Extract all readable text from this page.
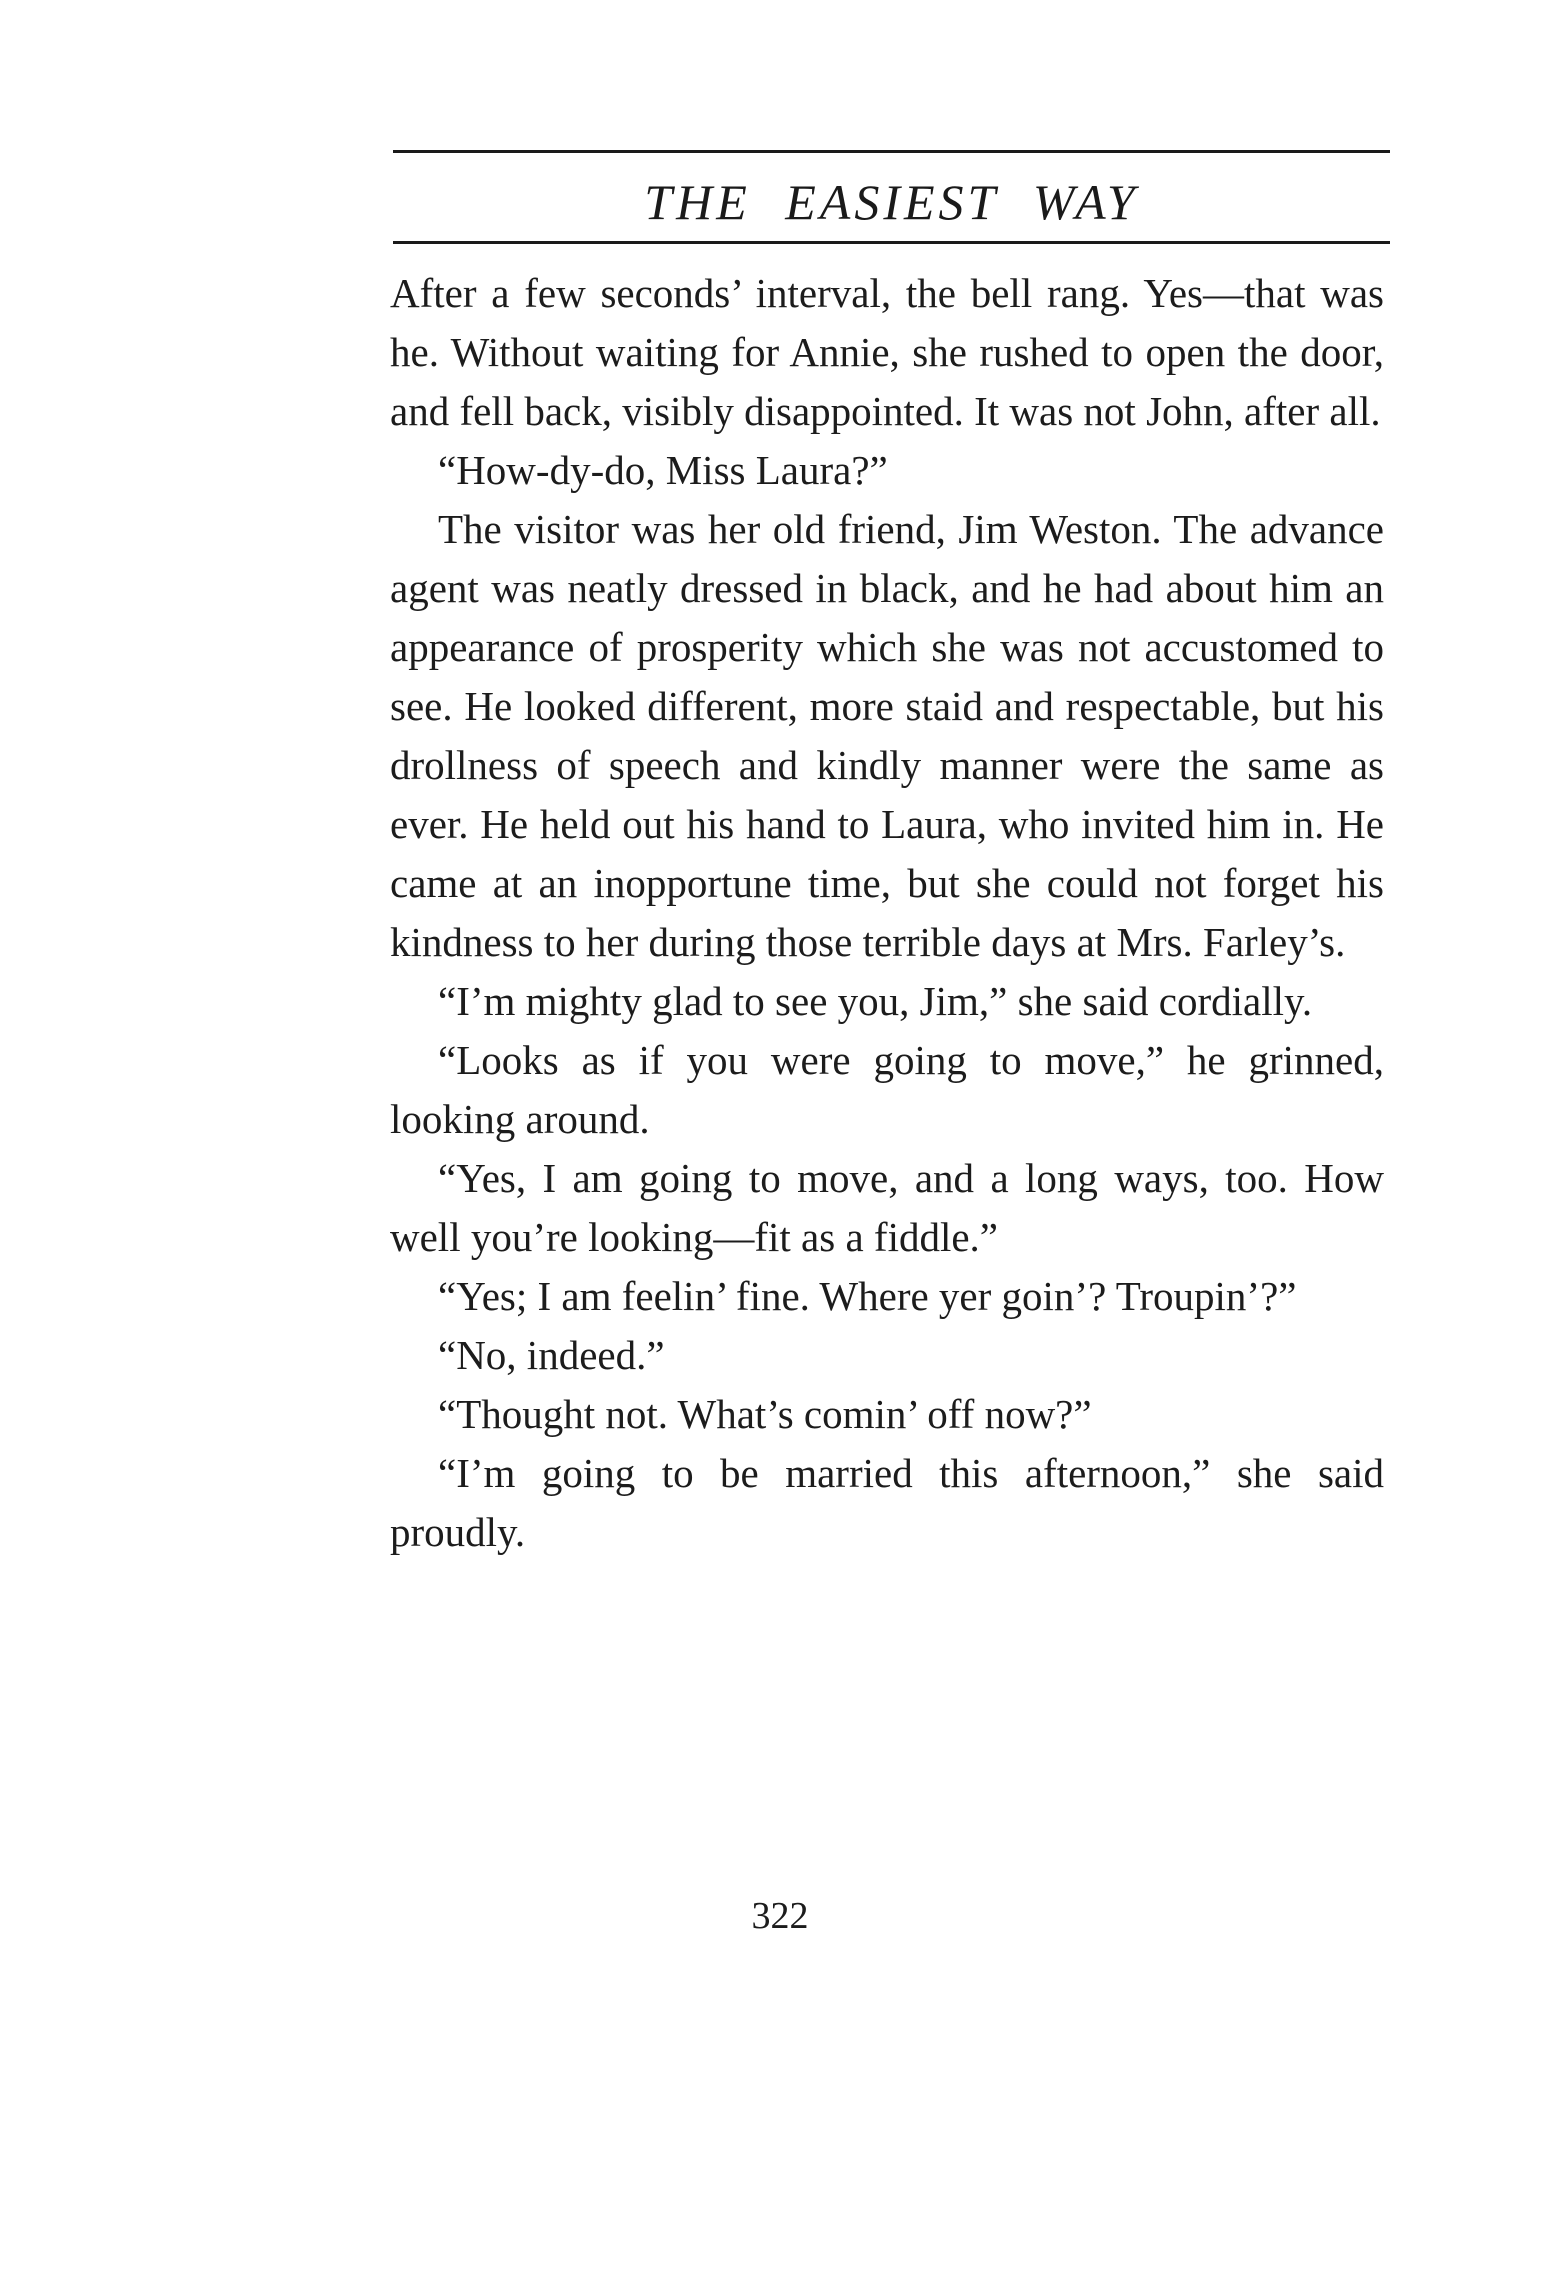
THE EASIEST WAY

After a few seconds’ interval, the bell rang. Yes—that was he. Without waiting for Annie, she rushed to open the door, and fell back, visibly disappointed. It was not John, after all.

“How-dy-do, Miss Laura?”

The visitor was her old friend, Jim Weston. The advance agent was neatly dressed in black, and he had about him an appearance of prosperity which she was not accustomed to see. He looked different, more staid and respectable, but his drollness of speech and kindly manner were the same as ever. He held out his hand to Laura, who invited him in. He came at an inopportune time, but she could not forget his kindness to her during those terrible days at Mrs. Farley’s.

“I’m mighty glad to see you, Jim,” she said cordially.

“Looks as if you were going to move,” he grinned, looking around.

“Yes, I am going to move, and a long ways, too. How well you’re looking—fit as a fiddle.”

“Yes; I am feelin’ fine. Where yer goin’? Troupin’?”

“No, indeed.”

“Thought not. What’s comin’ off now?”

“I’m going to be married this afternoon,” she said proudly.

322
